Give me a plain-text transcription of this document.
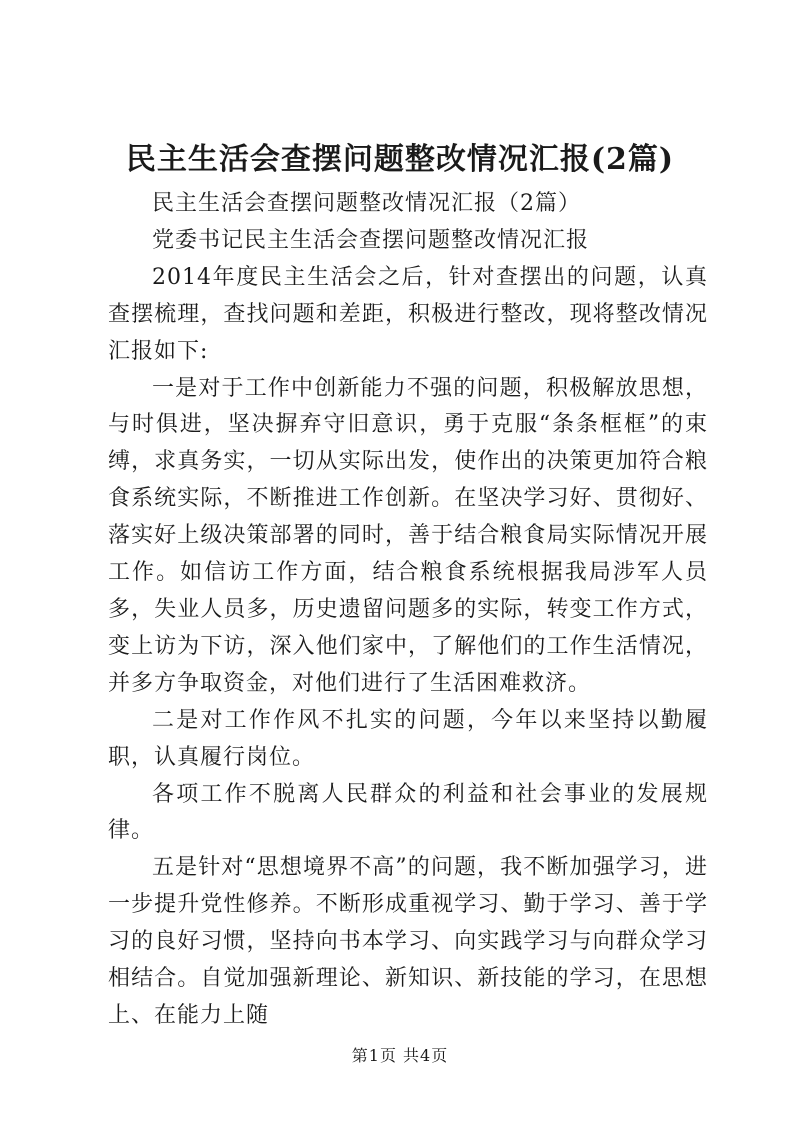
民主生活会查摆问题整改情况汇报(2篇)

民主生活会查摆问题整改情况汇报（2篇）

党委书记民主生活会查摆问题整改情况汇报

2014年度民主生活会之后，针对查摆出的问题，认真查摆梳理，查找问题和差距，积极进行整改，现将整改情况汇报如下:

一是对于工作中创新能力不强的问题，积极解放思想，与时俱进，坚决摒弃守旧意识，勇于克服“条条框框”的束缚，求真务实，一切从实际出发，使作出的决策更加符合粮食系统实际，不断推进工作创新。在坚决学习好、贯彻好、落实好上级决策部署的同时，善于结合粮食局实际情况开展工作。如信访工作方面，结合粮食系统根据我局涉军人员多，失业人员多，历史遗留问题多的实际，转变工作方式，变上访为下访，深入他们家中，了解他们的工作生活情况，并多方争取资金，对他们进行了生活困难救济。

二是对工作作风不扎实的问题，今年以来坚持以勤履职，认真履行岗位。

各项工作不脱离人民群众的利益和社会事业的发展规律。

五是针对“思想境界不高”的问题，我不断加强学习，进一步提升党性修养。不断形成重视学习、勤于学习、善于学习的良好习惯，坚持向书本学习、向实践学习与向群众学习相结合。自觉加强新理论、新知识、新技能的学习，在思想上、在能力上随

第1页 共4页
